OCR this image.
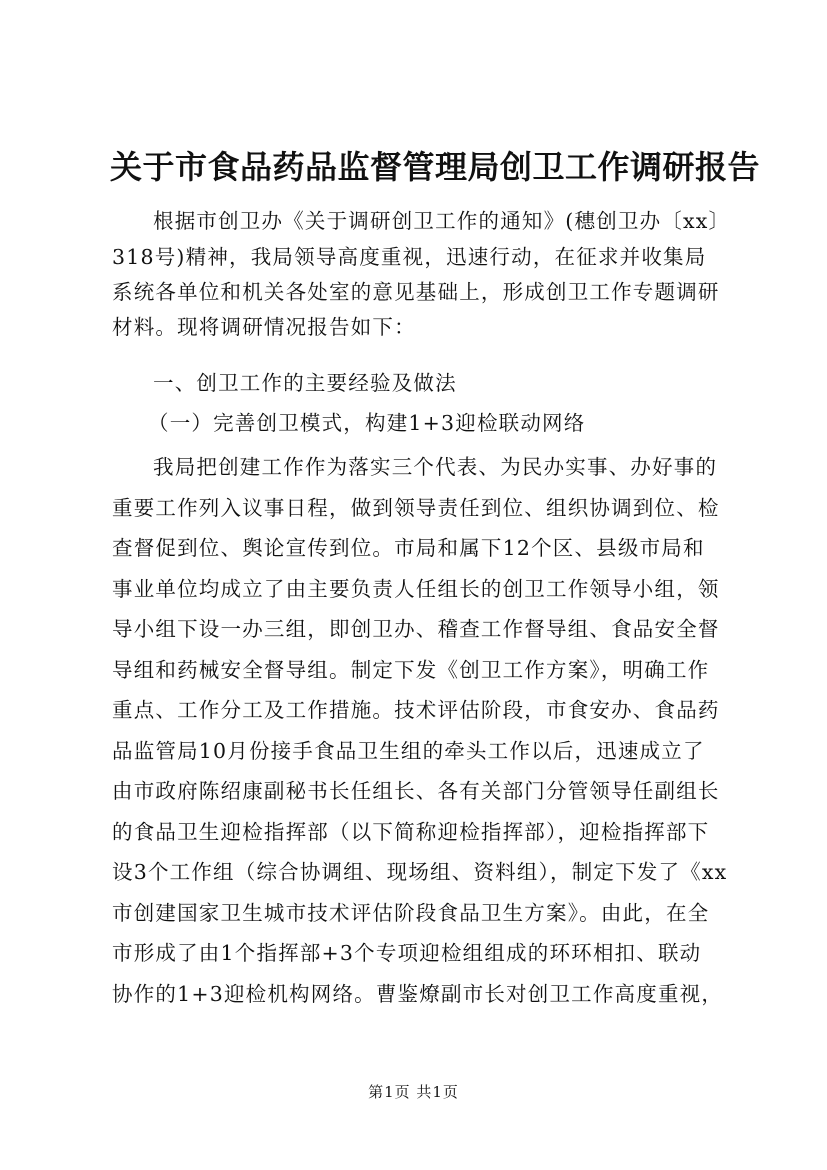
关于市食品药品监督管理局创卫工作调研报告
根据市创卫办《关于调研创卫工作的通知》(穗创卫办〔xx〕
318号)精神，我局领导高度重视，迅速行动，在征求并收集局
系统各单位和机关各处室的意见基础上，形成创卫工作专题调研
材料。现将调研情况报告如下：
一、创卫工作的主要经验及做法
（一）完善创卫模式，构建1+3迎检联动网络
我局把创建工作作为落实三个代表、为民办实事、办好事的
重要工作列入议事日程，做到领导责任到位、组织协调到位、检
查督促到位、舆论宣传到位。市局和属下12个区、县级市局和
事业单位均成立了由主要负责人任组长的创卫工作领导小组，领
导小组下设一办三组，即创卫办、稽查工作督导组、食品安全督
导组和药械安全督导组。制定下发《创卫工作方案》，明确工作
重点、工作分工及工作措施。技术评估阶段，市食安办、食品药
品监管局10月份接手食品卫生组的牵头工作以后，迅速成立了
由市政府陈绍康副秘书长任组长、各有关部门分管领导任副组长
的食品卫生迎检指挥部（以下简称迎检指挥部），迎检指挥部下
设3个工作组（综合协调组、现场组、资料组），制定下发了《xx
市创建国家卫生城市技术评估阶段食品卫生方案》。由此，在全
市形成了由1个指挥部+3个专项迎检组组成的环环相扣、联动
协作的1+3迎检机构网络。曹鉴燎副市长对创卫工作高度重视，
第1页 共1页
